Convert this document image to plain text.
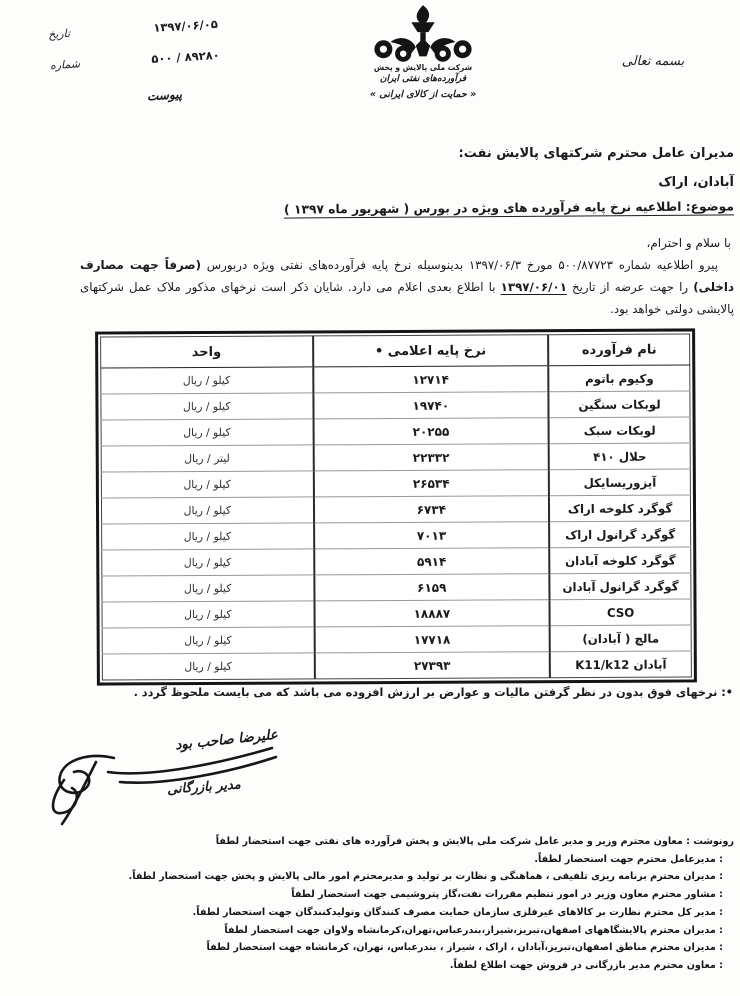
۱۳۹۷/۰۶/۰۵
تاریخ
۵۰۰ / ۸۹۲۸۰
شماره
پیوست
شرکت ملی پالایش و پخش
فرآورده‌های نفتی ایران
« حمایت از کالای ایرانی »
بسمه تعالی
مدیران عامل محترم شرکتهای پالایش نفت:
آبادان، اراک
موضوع: اطلاعیه نرخ پایه فرآورده های ویژه در بورس ( شهریور ماه ۱۳۹۷ )
با سلام و احترام،
پیرو اطلاعیه شماره ۵۰۰/۸۷۷۲۳ مورخ ۱۳۹۷/۰۶/۳ بدینوسیله نرخ پایه فرآورده‌های نفتی ویژه دربورس (صرفاً جهت مصارف داخلی) را جهت عرضه از تاریخ ۱۳۹۷/۰۶/۰۱ با اطلاع بعدی اعلام می دارد. شایان ذکر است نرخهای مذکور ملاک عمل شرکتهای پالایشی دولتی خواهد بود.
نام فرآورده	نرخ پایه اعلامی •	واحد
وکیوم باتوم	۱۲۷۱۴	کیلو / ریال
لوبکات سنگین	۱۹۷۴۰	کیلو / ریال
لوبکات سبک	۲۰۲۵۵	کیلو / ریال
حلال ۴۱۰	۲۲۳۳۲	لیتر / ریال
آیزوریسایکل	۲۶۵۳۴	کیلو / ریال
گوگرد کلوخه اراک	۶۷۳۴	کیلو / ریال
گوگرد گرانول اراک	۷۰۱۳	کیلو / ریال
گوگرد کلوخه آبادان	۵۹۱۴	کیلو / ریال
گوگرد گرانول آبادان	۶۱۵۹	کیلو / ریال
CSO	۱۸۸۸۷	کیلو / ریال
مالچ ( آبادان)	۱۷۷۱۸	کیلو / ریال
آبادان K11/k12	۲۷۳۹۳	کیلو / ریال
•: نرخهای فوق بدون در نظر گرفتن مالیات و عوارض بر ارزش افزوده می باشد که می بایست ملحوظ گردد .
علیرضا صاحب بود
مدیر بازرگانی
رونوشت : معاون محترم وزیر و مدیر عامل شرکت ملی پالایش و پخش فرآورده های نفتی جهت استحضار لطفاً
: مدیرعامل محترم جهت استحضار لطفاً.
: مدیران محترم برنامه ریزی تلفیقی ، هماهنگی و نظارت بر تولید و مدیرمحترم امور مالی پالایش و پخش جهت استحضار لطفاً.
: مشاور محترم معاون وزیر در امور تنظیم مقررات نفت،گاز پتروشیمی جهت استحضار لطفاً
: مدیر کل محترم نظارت بر کالاهای غیرفلزی سازمان حمایت مصرف کنندگان وتولیدکنندگان جهت استحضار لطفاً.
: مدیران محترم پالایشگاههای اصفهان،تبریز،شیراز،بندرعباس،تهران،کرمانشاه ولاوان جهت استحضار لطفاً
: مدیران محترم مناطق اصفهان،تبریز،آبادان ، اراک ، شیراز ، بندرعباس، تهران، کرمانشاه جهت استحضار لطفاً
: معاون محترم مدیر بازرگانی در فروش جهت اطلاع لطفاً.
